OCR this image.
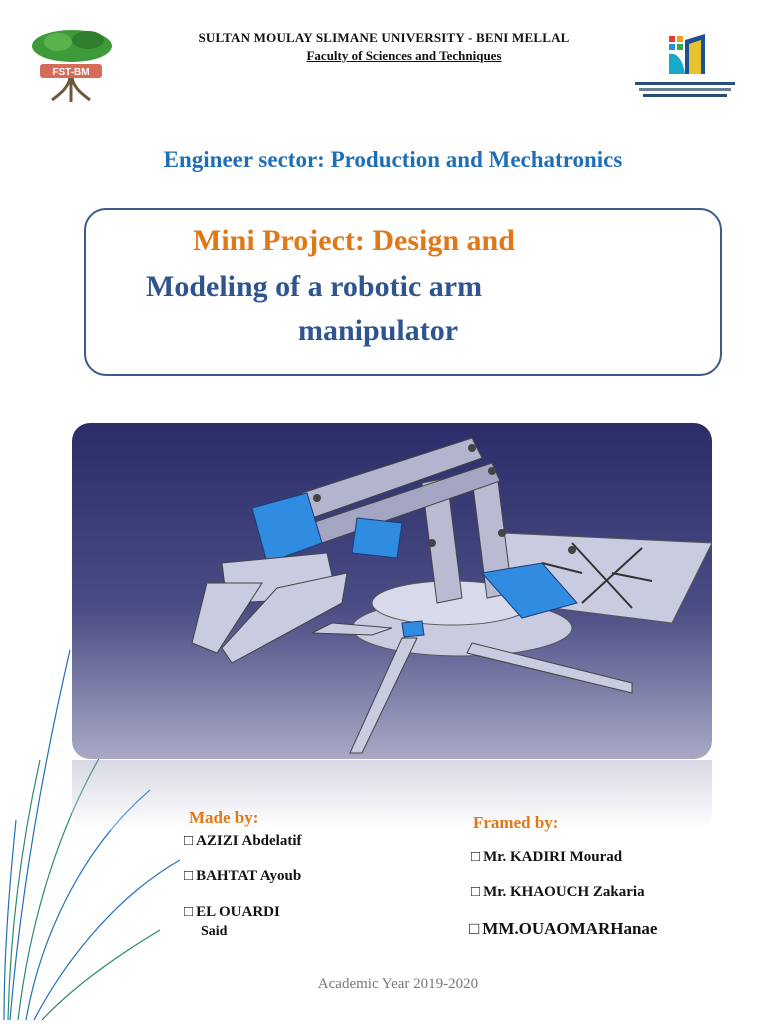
FST-BM
SULTAN MOULAY SLIMANE UNIVERSITY - BENI MELLAL
Faculty of Sciences and Techniques
Engineer sector: Production and Mechatronics
Mini Project: Design and
Modeling of a robotic arm
manipulator
Made by:
□ AZIZI Abdelatif
□ BAHTAT Ayoub
□ EL OUARDI
Said
Framed by:
□ Mr. KADIRI Mourad
□ Mr. KHAOUCH Zakaria
□ MM.OUAOMARHanae
Academic Year 2019-2020
